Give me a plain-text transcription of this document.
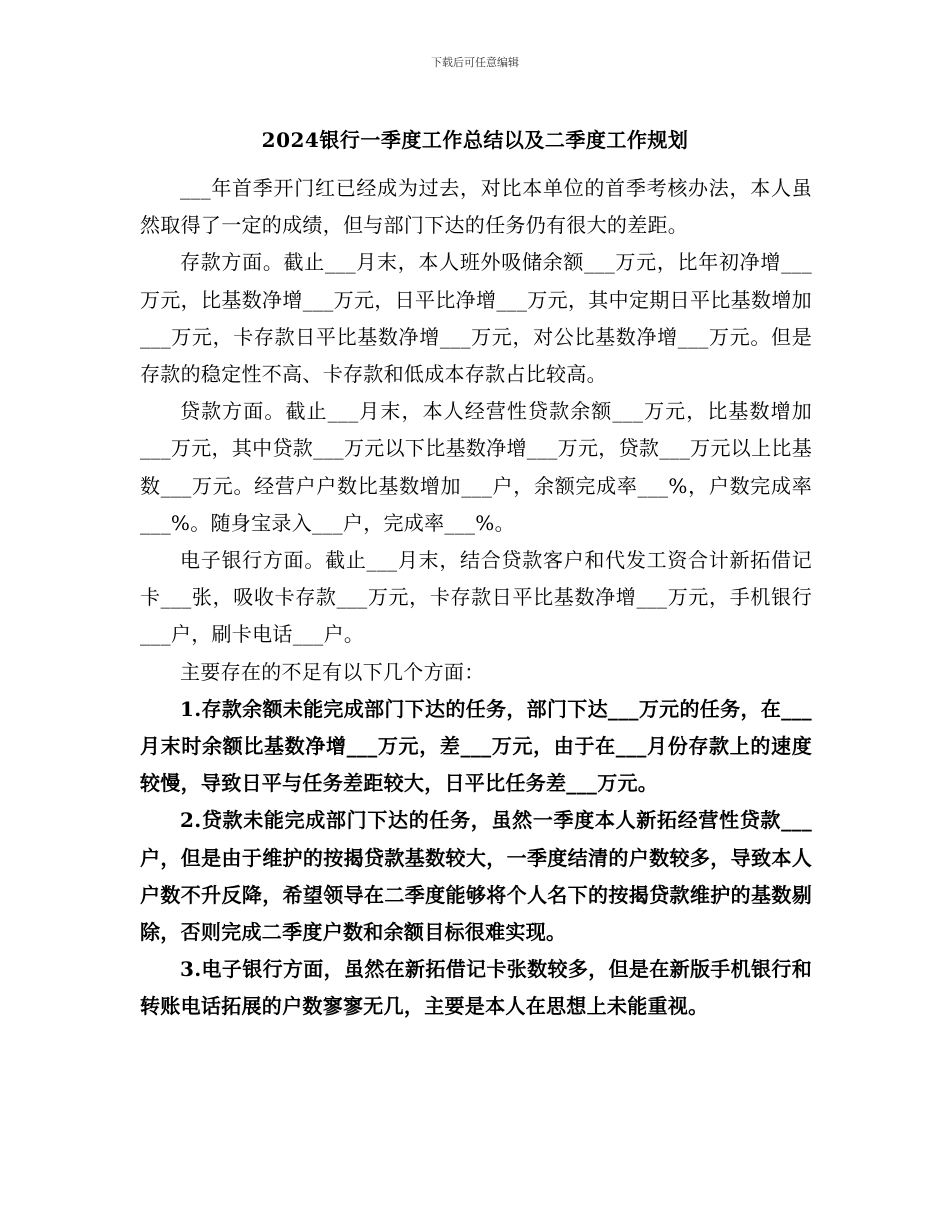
下载后可任意编辑
2024银行一季度工作总结以及二季度工作规划

___年首季开门红已经成为过去，对比本单位的首季考核办法，本人虽然取得了一定的成绩，但与部门下达的任务仍有很大的差距。

存款方面。截止___月末，本人班外吸储余额___万元，比年初净增___万元，比基数净增___万元，日平比净增___万元，其中定期日平比基数增加___万元，卡存款日平比基数净增___万元，对公比基数净增___万元。但是存款的稳定性不高、卡存款和低成本存款占比较高。

贷款方面。截止___月末，本人经营性贷款余额___万元，比基数增加___万元，其中贷款___万元以下比基数净增___万元，贷款___万元以上比基数___万元。经营户户数比基数增加___户，余额完成率___%，户数完成率___%。随身宝录入___户，完成率___%。

电子银行方面。截止___月末，结合贷款客户和代发工资合计新拓借记卡___张，吸收卡存款___万元，卡存款日平比基数净增___万元，手机银行___户，刷卡电话___户。

主要存在的不足有以下几个方面：

1.存款余额未能完成部门下达的任务，部门下达___万元的任务，在___月末时余额比基数净增___万元，差___万元，由于在___月份存款上的速度较慢，导致日平与任务差距较大，日平比任务差___万元。

2.贷款未能完成部门下达的任务，虽然一季度本人新拓经营性贷款___户，但是由于维护的按揭贷款基数较大，一季度结清的户数较多，导致本人户数不升反降，希望领导在二季度能够将个人名下的按揭贷款维护的基数剔除，否则完成二季度户数和余额目标很难实现。

3.电子银行方面，虽然在新拓借记卡张数较多，但是在新版手机银行和转账电话拓展的户数寥寥无几，主要是本人在思想上未能重视。
